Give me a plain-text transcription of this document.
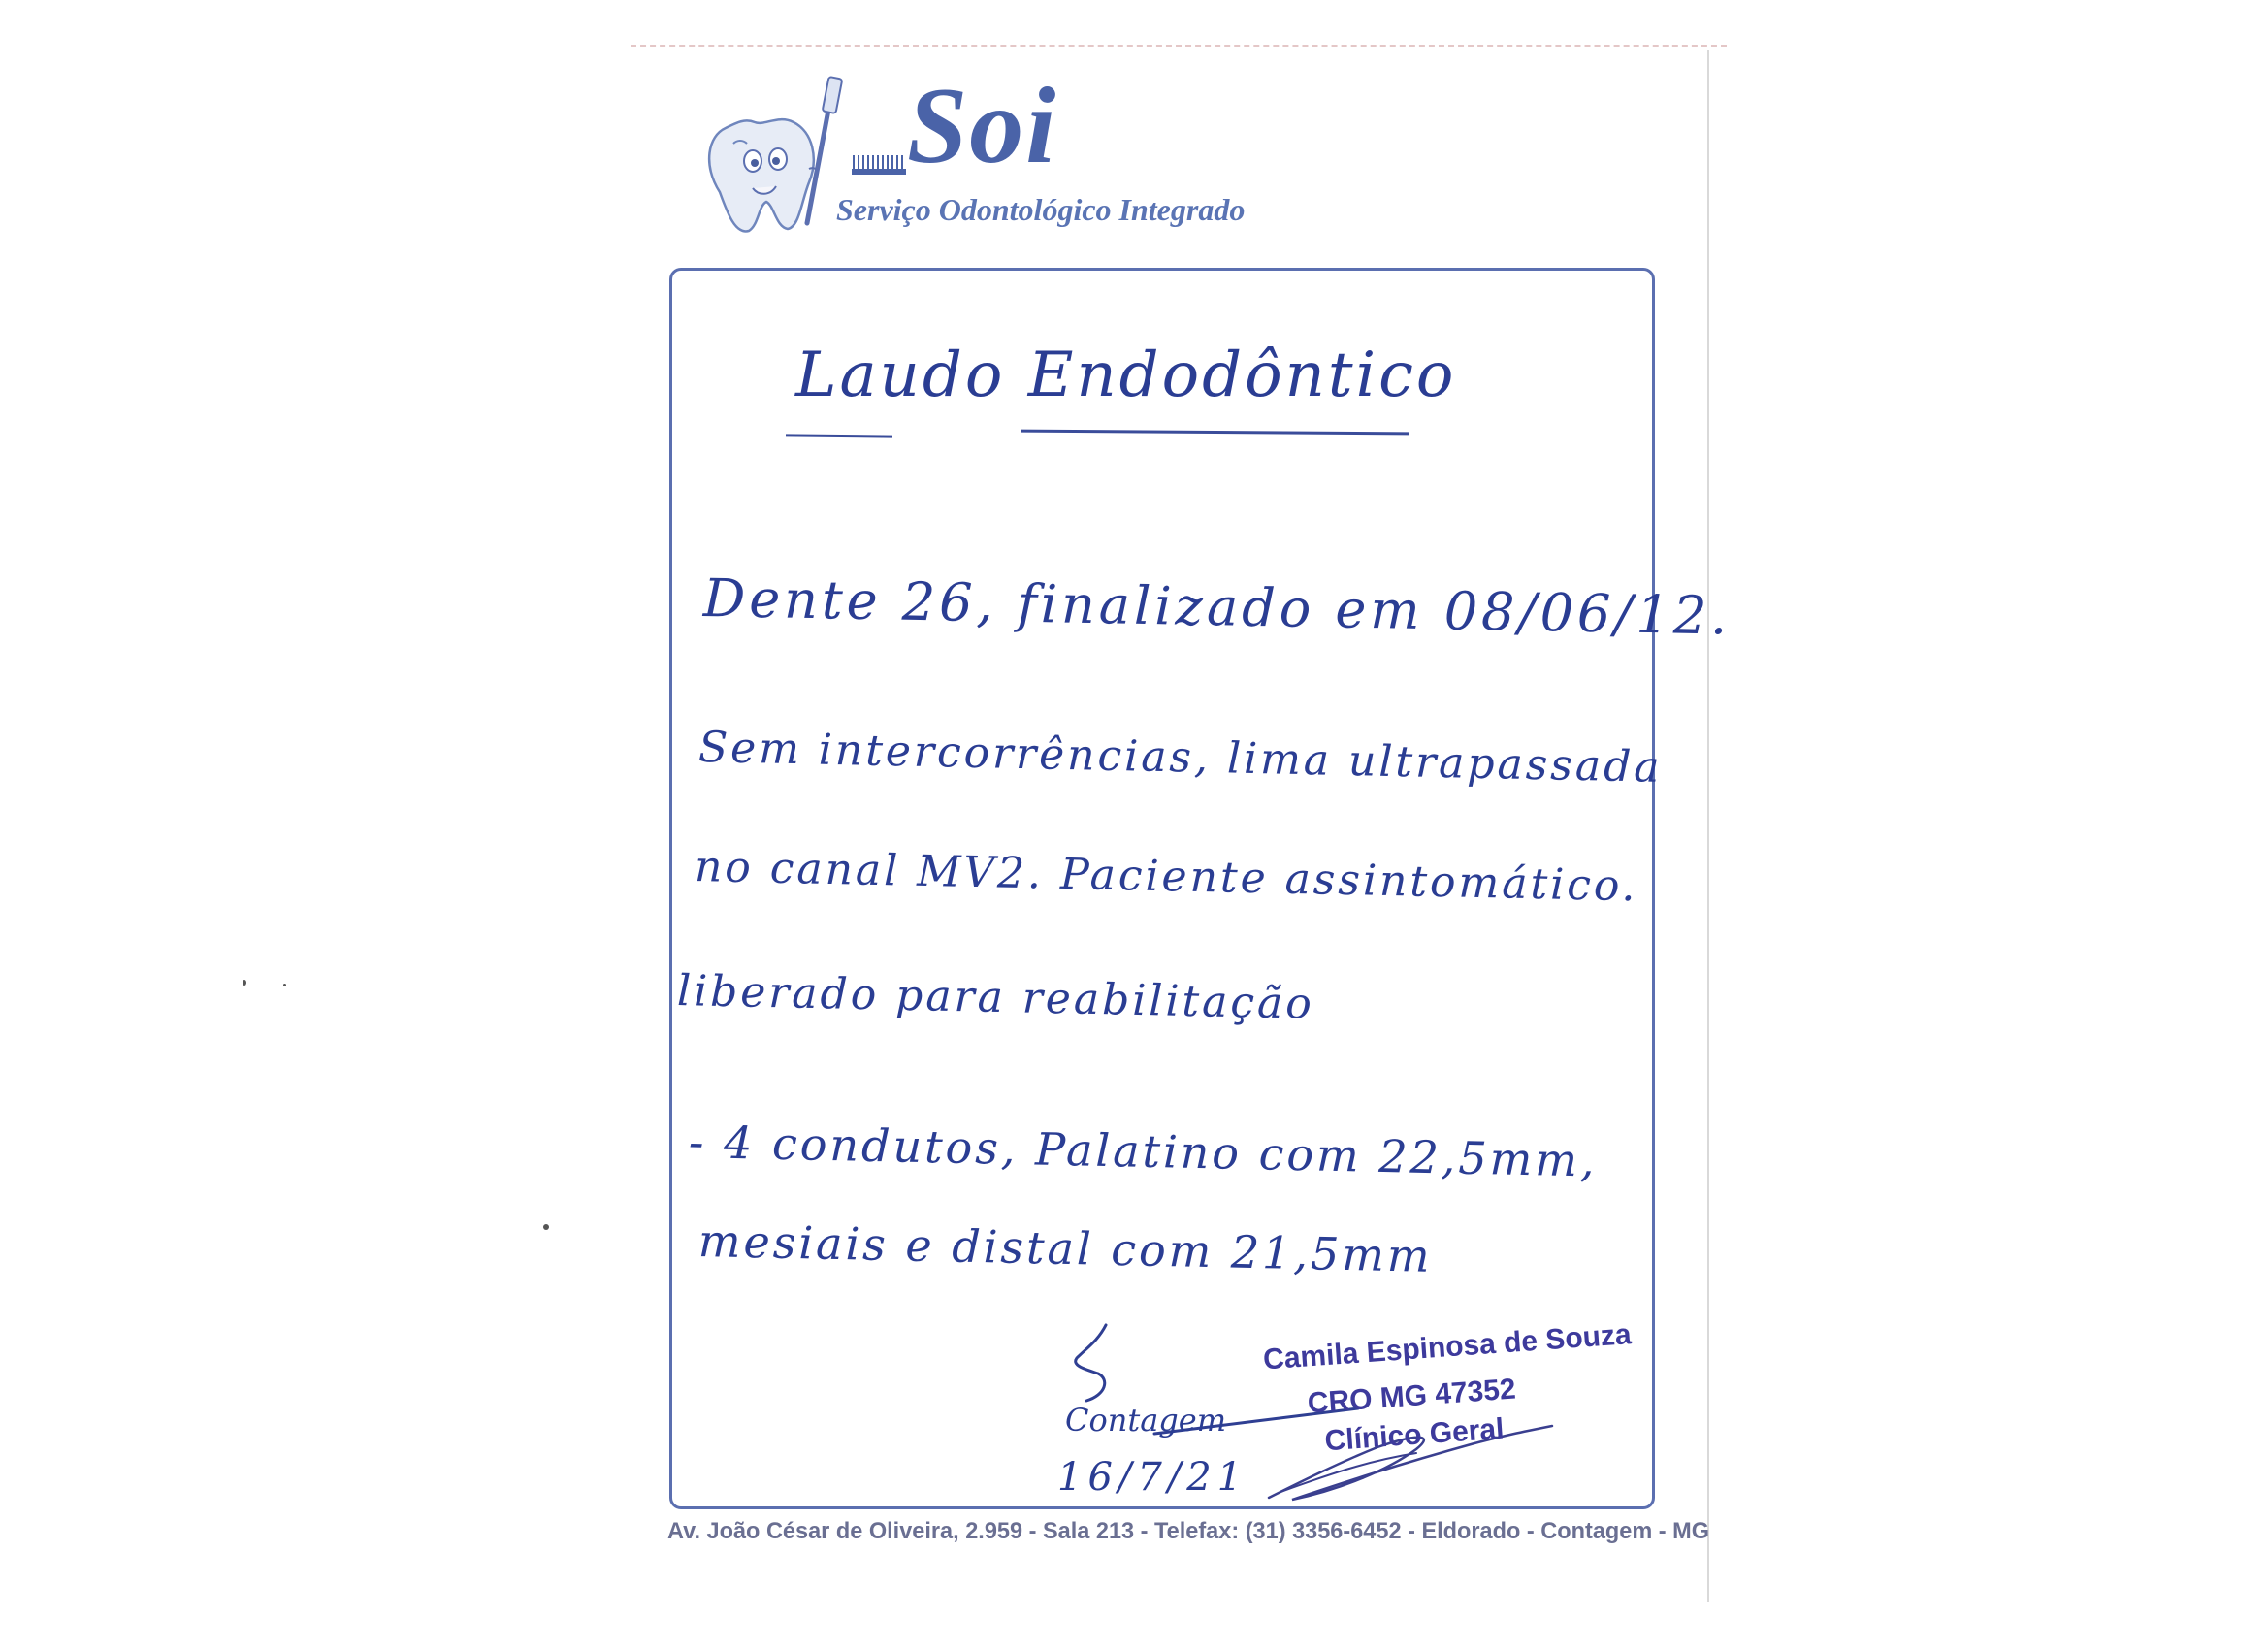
Soi
Serviço Odontológico Integrado
Laudo Endodôntico
Dente 26, finalizado em 08/06/12.
Sem intercorrências, lima ultrapassada
no canal MV2. Paciente assintomático.
liberado para reabilitação
- 4 condutos, Palatino com 22,5mm,
mesiais e distal com 21,5mm
Contagem
16/7/21
Camila Espinosa de Souza
CRO MG 47352
Clínico Geral
Av. João César de Oliveira, 2.959 - Sala 213 - Telefax: (31) 3356-6452 - Eldorado - Contagem - MG
